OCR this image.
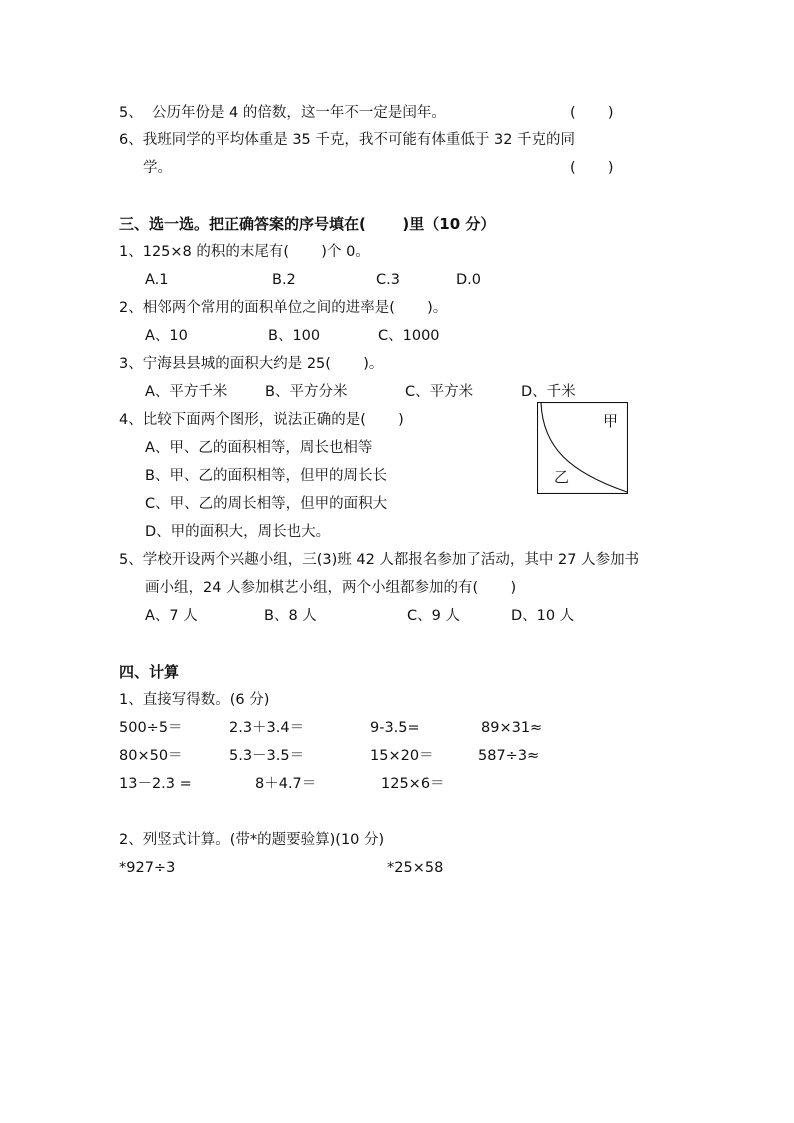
5、  公历年份是 4 的倍数，这一年不一定是闰年。	(       )
6、我班同学的平均体重是 35 千克，我不可能有体重低于 32 千克的同
学。	(       )
三、选一选。把正确答案的序号填在(       )里（10 分）
1、125×8 的积的末尾有(       )个 0。
A.1	B.2	C.3	D.0
2、相邻两个常用的面积单位之间的进率是(       )。
A、10	B、100	C、1000
3、宁海县县城的面积大约是 25(       )。
A、平方千米	B、平方分米	C、平方米	D、千米
4、比较下面两个图形，说法正确的是(       )
A、甲、乙的面积相等，周长也相等
B、甲、乙的面积相等，但甲的周长长
C、甲、乙的周长相等，但甲的面积大
D、甲的面积大，周长也大。
甲
乙
5、学校开设两个兴趣小组，三(3)班 42 人都报名参加了活动，其中 27 人参加书
画小组，24 人参加棋艺小组，两个小组都参加的有(       )
A、7 人	B、8 人	C、9 人	D、10 人
四、计算
1、直接写得数。(6 分)
500÷5＝	2.3＋3.4＝	9-3.5=	89×31≈
80×50＝	5.3－3.5＝	15×20＝	587÷3≈
13－2.3 =	8＋4.7＝	125×6＝
2、列竖式计算。(带*的题要验算)(10 分)
*927÷3	*25×58
